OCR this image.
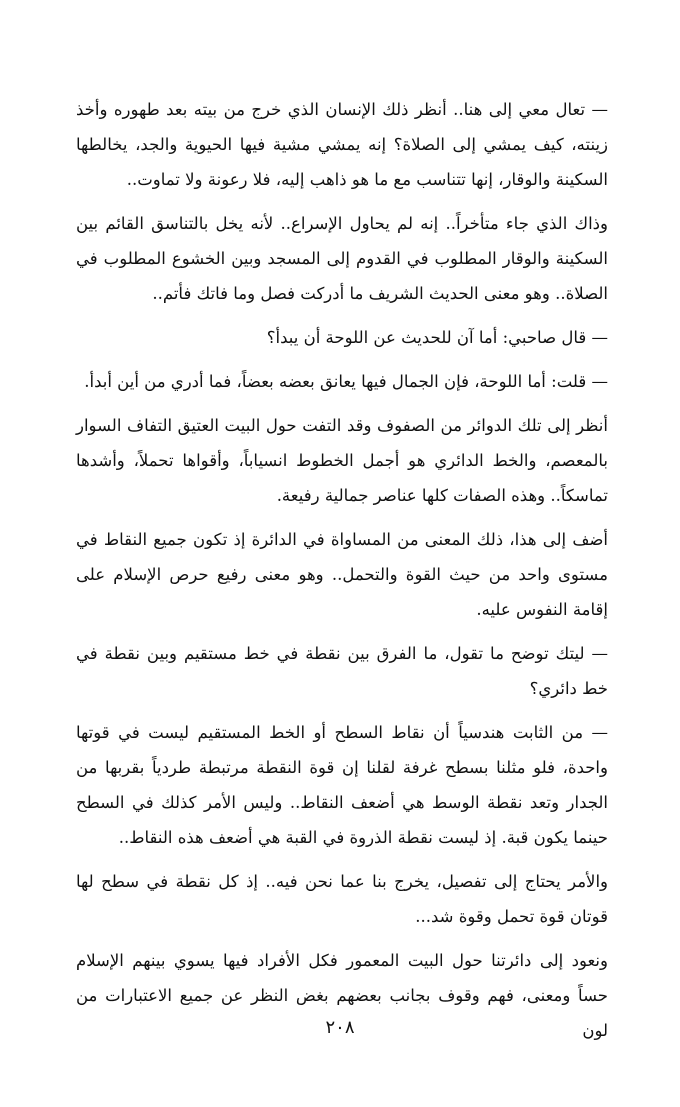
— تعال معي إلى هنا.. أنظر ذلك الإنسان الذي خرج من بيته بعد طهوره وأخذ زينته، كيف يمشي إلى الصلاة؟ إنه يمشي مشية فيها الحيوية والجد، يخالطها السكينة والوقار، إنها تتناسب مع ما هو ذاهب إليه، فلا رعونة ولا تماوت..

وذاك الذي جاء متأخراً.. إنه لم يحاول الإسراع.. لأنه يخل بالتناسق القائم بين السكينة والوقار المطلوب في القدوم إلى المسجد وبين الخشوع المطلوب في الصلاة.. وهو معنى الحديث الشريف ما أدركت فصل وما فاتك فأتم..

— قال صاحبي: أما آن للحديث عن اللوحة أن يبدأ؟

— قلت: أما اللوحة، فإن الجمال فيها يعانق بعضه بعضاً، فما أدري من أين أبدأ.

أنظر إلى تلك الدوائر من الصفوف وقد التفت حول البيت العتيق التفاف السوار بالمعصم، والخط الدائري هو أجمل الخطوط انسياباً، وأقواها تحملاً، وأشدها تماسكاً.. وهذه الصفات كلها عناصر جمالية رفيعة.

أضف إلى هذا، ذلك المعنى من المساواة في الدائرة إذ تكون جميع النقاط في مستوى واحد من حيث القوة والتحمل.. وهو معنى رفيع حرص الإسلام على إقامة النفوس عليه.

— ليتك توضح ما تقول، ما الفرق بين نقطة في خط مستقيم وبين نقطة في خط دائري؟

— من الثابت هندسياً أن نقاط السطح أو الخط المستقيم ليست في قوتها واحدة، فلو مثلنا بسطح غرفة لقلنا إن قوة النقطة مرتبطة طردياً بقربها من الجدار وتعد نقطة الوسط هي أضعف النقاط.. وليس الأمر كذلك في السطح حينما يكون قبة. إذ ليست نقطة الذروة في القبة هي أضعف هذه النقاط..

والأمر يحتاج إلى تفصيل، يخرج بنا عما نحن فيه.. إذ كل نقطة في سطح لها قوتان قوة تحمل وقوة شد...

ونعود إلى دائرتنا حول البيت المعمور فكل الأفراد فيها يسوي بينهم الإسلام حساً ومعنى، فهم وقوف بجانب بعضهم بغض النظر عن جميع الاعتبارات من لون

٢٠٨
